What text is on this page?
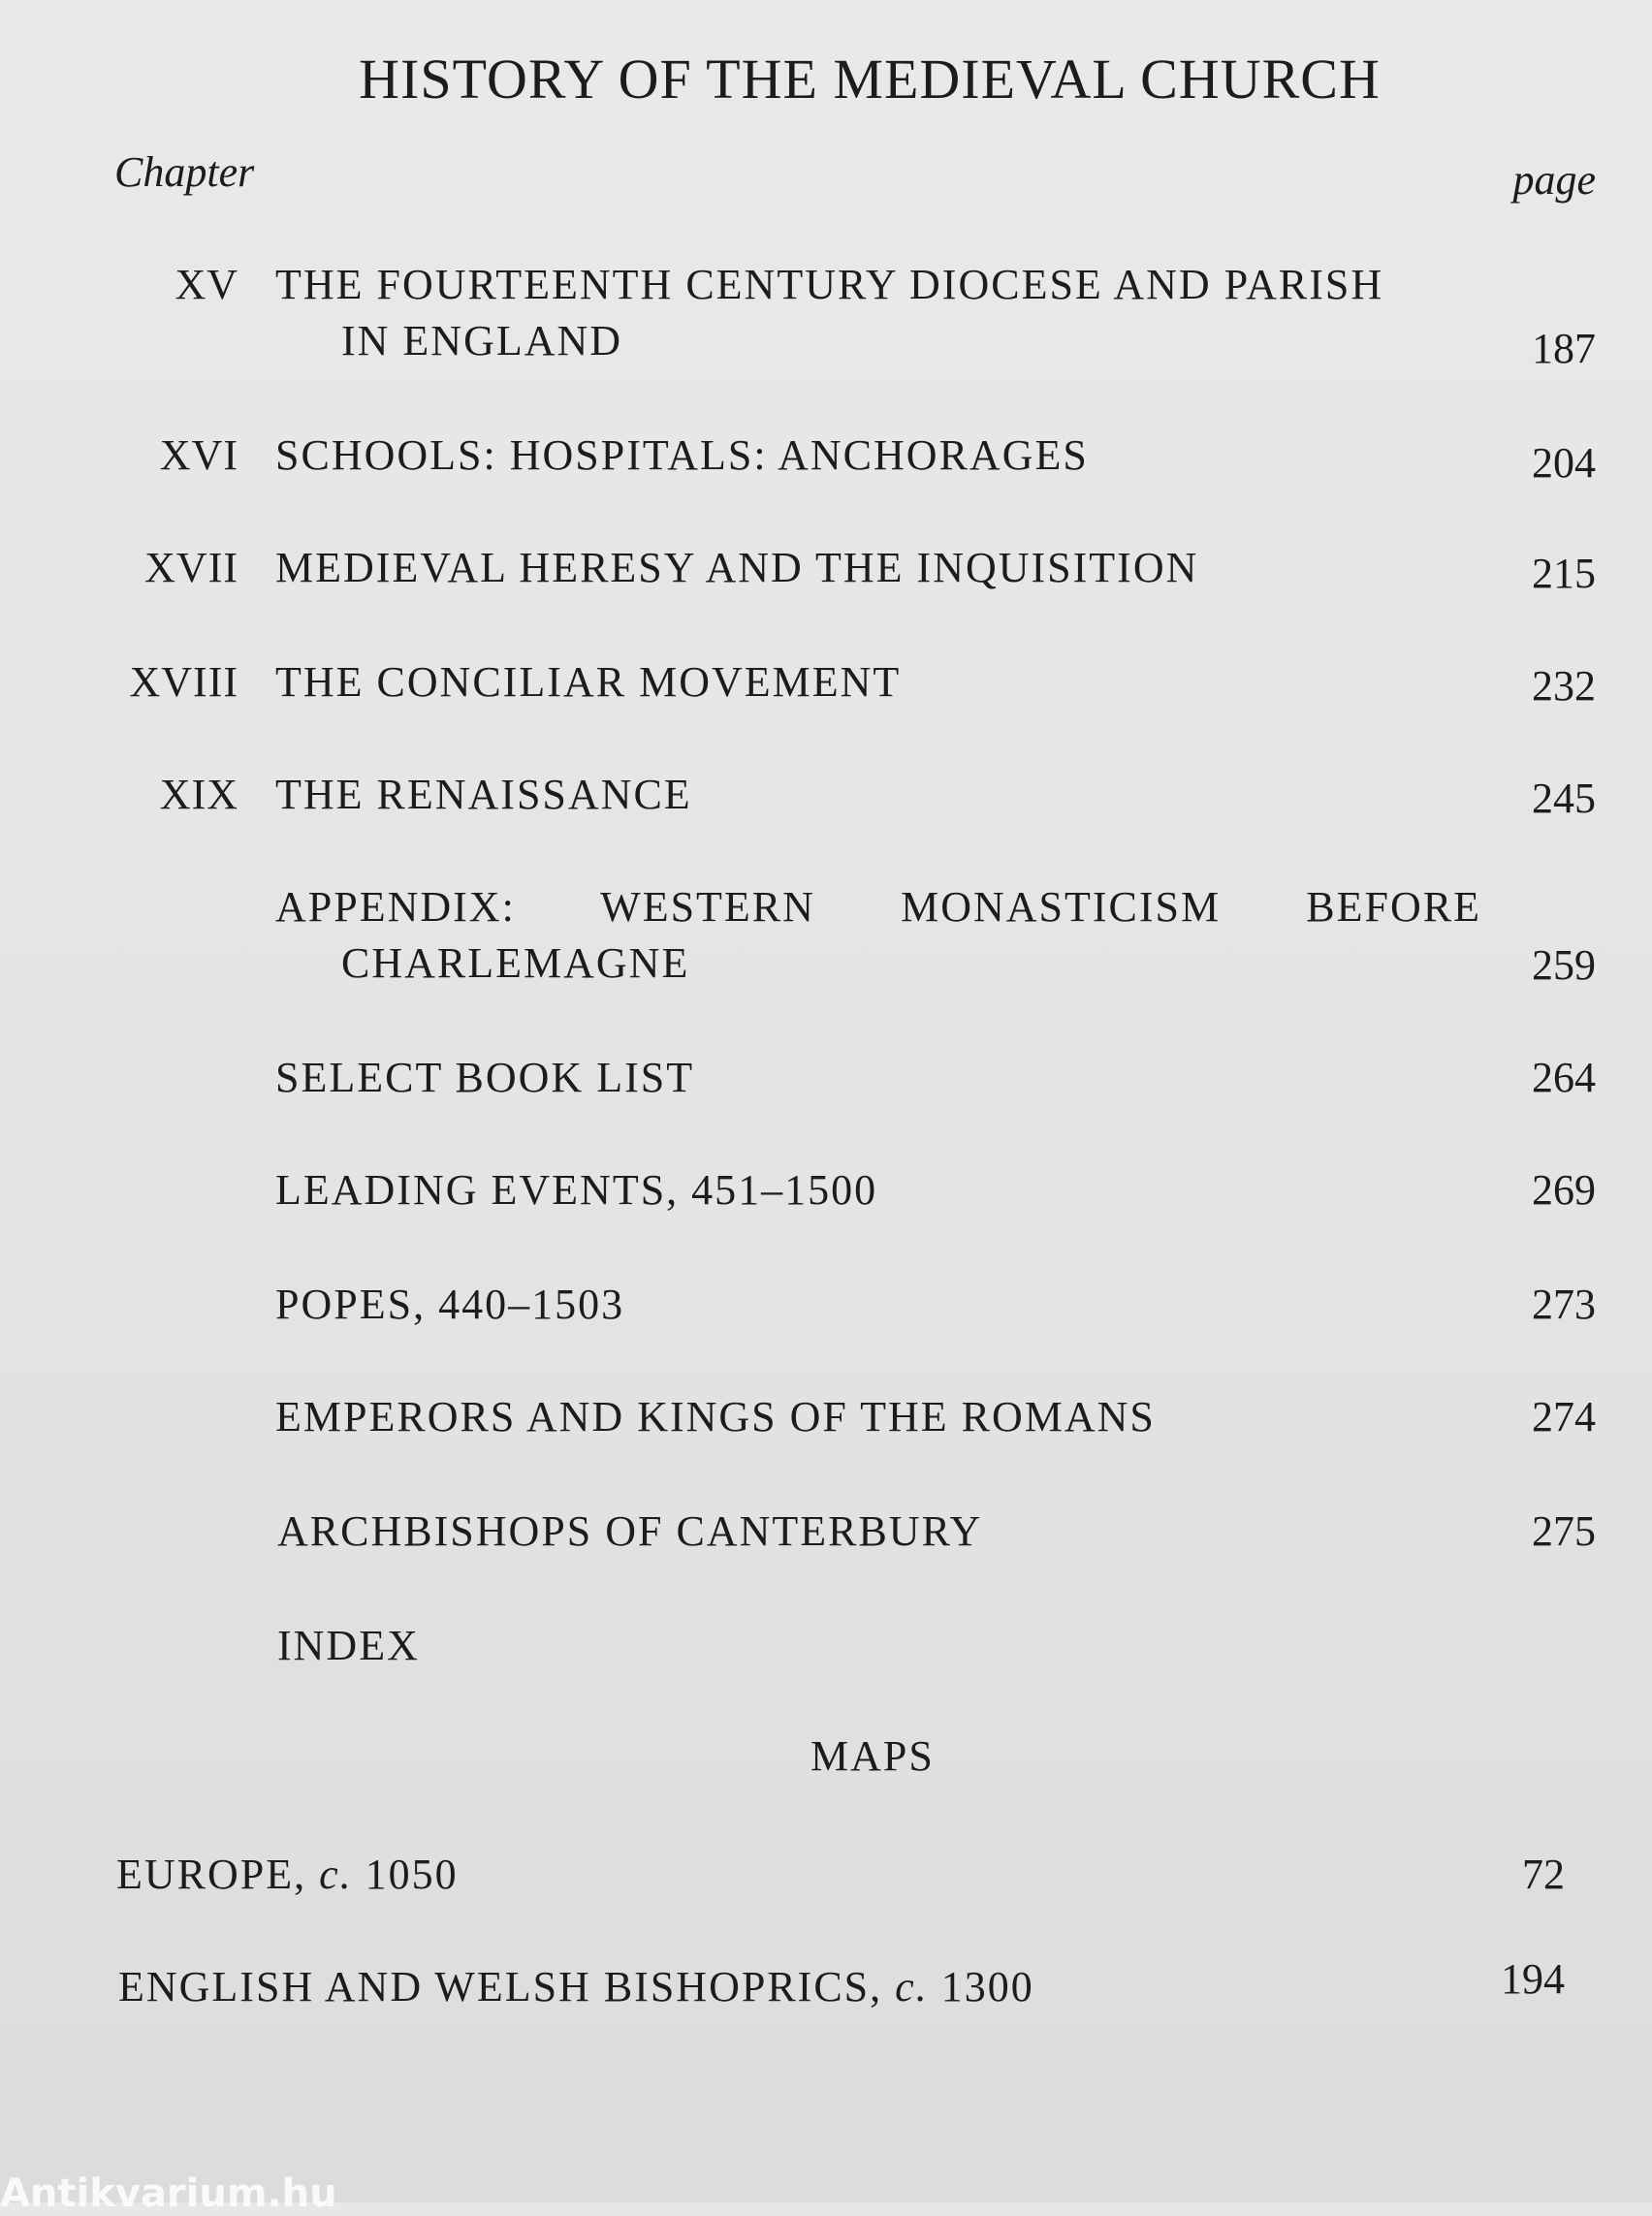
HISTORY OF THE MEDIEVAL CHURCH
Chapter	page
XV THE FOURTEENTH CENTURY DIOCESE AND PARISH
IN ENGLAND	187
XVI SCHOOLS: HOSPITALS: ANCHORAGES	204
XVII MEDIEVAL HERESY AND THE INQUISITION	215
XVIII THE CONCILIAR MOVEMENT	232
XIX THE RENAISSANCE	245
APPENDIX: WESTERN MONASTICISM BEFORE
CHARLEMAGNE	259
SELECT BOOK LIST	264
LEADING EVENTS, 451–1500	269
POPES, 440–1503	273
EMPERORS AND KINGS OF THE ROMANS	274
ARCHBISHOPS OF CANTERBURY	275
INDEX
MAPS
EUROPE, c. 1050	72
ENGLISH AND WELSH BISHOPRICS, c. 1300	194
Antikvarium.hu
